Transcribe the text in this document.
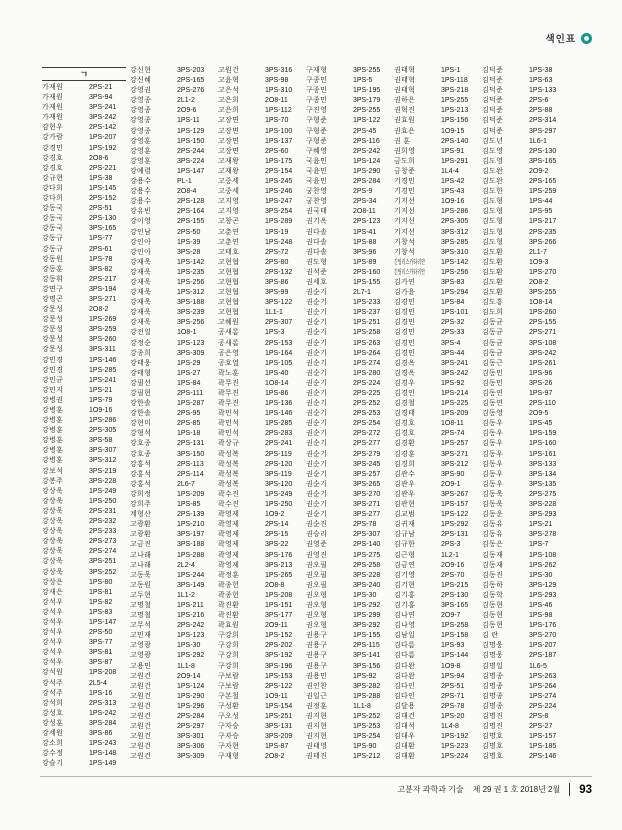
색인표
ㄱ
가재원	2PS-21
가재원	3PS-94
가재원	3PS-241
가재원	3PS-242
감현우	2PS-142
강가람	1PS-207
강경민	1PS-192
강경호	2O8-6
강경호	2PS-221
강규현	1PS-38
강다희	1PS-145
강다희	2PS-152
강동국	2PS-51
강동국	2PS-130
강동국	3PS-165
강동규	1PS-77
강동규	2PS-61
강동원	1PS-78
강동훈	3PS-82
강동휘	2PS-217
강면구	3PS-194
강명곤	3PS-271
강문성	2O8-2
강문성	1PS-269
강문성	3PS-259
강문성	3PS-260
강문성	3PS-311
강민경	1PS-146
강민경	1PS-285
강민균	1PS-241
강민지	1PS-21
강병권	1PS-79
강병훈	1O9-16
강병훈	1PS-286
강병훈	2PS-305
강병훈	3PS-58
강병훈	3PS-307
강병훈	3PS-312
강보석	3PS-219
강봉주	3PS-228
강상욱	1PS-249
강상욱	1PS-250
강상욱	2PS-231
강상욱	2PS-232
강상욱	2PS-233
강상욱	2PS-273
강상욱	2PS-274
강상욱	3PS-251
강상욱	3PS-252
강상은	1PS-80
강새은	1PS-81
강석우	1PS-82
강석우	1PS-83
강석우	1PS-147
강석우	2PS-50
강석우	3PS-77
강석우	3PS-81
강석우	3PS-87
강석원	1PS-208
강석주	2L5-4
강석주	1PS-16
강석희	2PS-313
강성호	1PS-242
강성훈	3PS-284
강세원	3PS-86
강소희	1PS-243
강수정	1PS-148
강슬기	1PS-149
강신현	3PS-203
강신혜	2PS-165
강영권	2PS-276
강영종	2L1-2
강영종	2O9-6
강영종	1PS-11
강영종	1PS-129
강영훈	1PS-150
강영훈	2PS-244
강영훈	3PS-224
강예령	1PS-147
강용수	PL-1
강용수	2O8-4
강용수	2PS-128
강유빈	2PS-164
강이영	2PS-155
강인남	2PS-50
강인아	1PS-39
강인아	3PS-28
강재욱	1PS-142
강재욱	1PS-235
강재욱	1PS-256
강재욱	1PS-312
강재욱	3PS-188
강재욱	3PS-239
강재욱	3PS-256
강전일	1O8-1
강정순	1PS-123
강종희	3PS-309
강태웅	1PS-29
강태형	1PS-27
강필선	1PS-84
강필현	2PS-111
강한솔	1PS-287
강한솔	2PS-95
강현미	2PS-85
강형석	1PS-18
강호종	2PS-131
강호종	3PS-150
강홍석	2PS-113
강홍석	2PS-114
강홍석	2L6-7
강희정	1PS-209
강희주	1PS-85
계형산	2PS-139
고광환	1PS-210
고광환	3PS-197
고금진	3PS-188
고나래	1PS-288
고나래	2L2-4
고동욱	1PS-244
고동원	3PS-149
고두현	1L1-2
고명철	1PS-211
고명철	1PS-216
고무석	2PS-242
고민재	1PS-123
고영광	1PS-30
고영광	1PS-292
고용민	1L1-8
고원건	2O9-14
고원건	1PS-124
고원건	1PS-290
고원건	1PS-296
고원건	2PS-284
고원건	2PS-297
고원건	3PS-301
고원건	3PS-306
고원건	3PS-309
고원건	3PS-316
고윤혁	3PS-98
고은석	1PS-310
고은희	2O8-11
고은희	1PS-112
고장면	1PS-70
고장면	1PS-100
고장면	1PS-137
고장면	2PS-60
고재왕	1PS-175
고재왕	2PS-154
고중세	1PS-245
고중세	1PS-246
고지영	1PS-247
고지영	3PS-254
고창곤	1PS-289
고춘연	1PS-19
고춘연	1PS-248
고태호	2PS-72
고현협	2PS-80
고현협	2PS-132
고현협	3PS-86
고현협	3PS-99
고현협	3PS-122
고현협	1L1-1
고혜원	2PS-307
공새롬	1PS-3
공새롬	2PS-153
공은영	1PS-164
공호열	1PS-105
곽노훈	1PS-40
곽무진	1O8-14
곽무진	1PS-86
곽무진	1PS-136
곽민석	1PS-146
곽민석	1PS-285
곽민석	2PS-283
곽상규	2PS-241
곽성복	2PS-119
곽성복	2PS-120
곽성복	3PS-119
곽성복	3PS-120
곽수진	1PS-249
곽수진	1PS-250
곽영제	1O9-2
곽영제	2PS-14
곽영제	2PS-15
곽영제	3PS-22
곽영제	3PS-176
곽영제	3PS-213
곽정훈	1PS-265
곽종헌	2O8-8
곽종헌	1PS-208
곽진환	1PS-151
곽진환	3PS-177
곽효원	2O9-11
구강희	1PS-152
구강희	2PS-202
구강희	3PS-192
구강희	3PS-196
구보람	1PS-153
구보람	2PS-122
구본철	1O9-11
구성환	1PS-154
구오성	1PS-251
구자승	3PS-131
구자승	3PS-209
구자현	1PS-87
구재형	2O8-2
구재형	3PS-255
구종민	1PS-5
구종민	1PS-195
구종민	3PS-179
구진영	2PS-255
구형준	1PS-122
구형준	2PS-45
구형준	2PS-116
구혜영	2PS-242
국윤민	1PS-124
국윤민	1PS-290
국윤민	2PS-284
궁찬영	2PS-9
궁찬영	2PS-34
권국태	2O8-11
권기옥	2PS-123
권다솔	1PS-41
권다솔	1PS-88
권다솔	3PS-96
권도형	1PS-89
권석준	2PS-160
권세호	1PS-155
권순기	2L7-1
권순기	1PS-233
권순기	1PS-237
권순기	1PS-251
권순기	1PS-258
권순기	1PS-263
권순기	1PS-264
권순기	1PS-274
권순기	1PS-280
권순기	2PS-224
권순기	2PS-225
권순기	2PS-252
권순기	2PS-253
권순기	2PS-254
권순기	2PS-272
권순기	2PS-277
권순기	2PS-279
권순기	3PS-245
권순기	3PS-257
권순기	3PS-265
권순기	3PS-270
권순기	3PS-271
권순기	3PS-277
권순진	2PS-78
권승리	2PS-307
권영준	2PS-140
권영진	1PS-275
권오필	2PS-258
권오필	3PS-228
권오필	3PS-240
권오형	1PS-30
권오형	1PS-292
권오형	1PS-299
권오형	3PS-292
권용구	1PS-155
권용구	2PS-115
권용구	3PS-141
권용구	3PS-156
권용민	1PS-92
권인찬	3PS-282
권일근	1PS-288
권정훈	1L1-8
권지현	1PS-252
권지현	1PS-253
권지현	1PS-254
권태영	1PS-90
권태진	1PS-212
권태혁	1PS-1
권태혁	1PS-118
권태혁	3PS-218
권하은	1PS-255
권혁진	1PS-213
권효원	1PS-156
권효은	1O9-15
권 훈	2PS-140
권희영	1PS-91
금도희	1PS-291
금창준	1L4-4
기경민	1PS-42
기경민	1PS-43
기지선	1O9-16
기지선	1PS-286
기지선	2PS-305
기지선	3PS-312
기창석	3PS-285
기창석	3PS-310
긴팅리스카타리안 1PS-142
긴팅리스카타리안 1PS-256
김가연	3PS-83
김가윤	1PS-294
김경민	1PS-84
김경민	1PS-101
김경민	2PS-32
김경민	2PS-33
김경민	3PS-4
김경민	3PS-44
김경옥	3PS-241
김경옥	3PS-242
김경우	1PS-92
김경인	1PS-214
김경철	1PS-225
김경태	1PS-209
김경호	1O8-11
김경호	2PS-74
김경환	1PS-257
김경훈	3PS-271
김경희	3PS-212
김관수	3PS-90
김관우	2O9-1
김관우	3PS-267
김관현	1PS-157
김교범	1PS-122
김귀재	1PS-292
김규남	2PS-131
김규한	2PS-3
김근형	1L2-1
김금연	2O9-16
김기영	2PS-70
김기현	1PS-215
김기홍	2PS-130
김기홍	3PS-165
김나연	2O9-7
김나영	1PS-258
김남일	1PS-158
김다름	1PS-93
김다름	1PS-144
김다완	1O9-8
김다완	1PS-94
김다인	2PS-51
김다인	2PS-71
김달용	2PS-78
김대건	1PS-20
김대석	1L4-8
김대우	1PS-192
김대환	1PS-223
김대환	1PS-224
김덕준	1PS-38
김덕준	1PS-63
김덕준	1PS-133
김덕준	2PS-6
김덕준	2PS-88
김덕준	2PS-314
김덕준	3PS-297
김도년	1L6-1
김도영	2PS-130
김도영	3PS-165
김도완	2O9-2
김도완	2PS-165
김도한	1PS-259
김도형	1PS-44
김도형	1PS-95
김도형	1PS-217
김도형	2PS-235
김도형	3PS-266
김도환	2L1-7
김도환	1O9-3
김도환	1PS-270
김도환	2O8-2
김도환	3PS-255
김도흥	1O8-14
김도희	1PS-260
김동균	2PS-155
김동균	2PS-271
김동균	3PS-108
김동균	3PS-242
김동근	1PS-261
김동민	1PS-96
김동민	3PS-26
김동연	1PS-97
김동연	2PS-110
김동영	2O9-5
김동우	1PS-45
김동우	1PS-159
김동우	1PS-160
김동우	1PS-161
김동우	3PS-133
김동우	3PS-134
김동우	3PS-135
김동욱	2PS-275
김동욱	3PS-228
김동운	3PS-293
김동유	1PS-21
김동유	3PS-278
김동은	1PS-7
김동재	1PS-108
김동재	1PS-262
김동진	1PS-30
김동하	3PS-129
김동학	1PS-293
김동현	1PS-46
김동현	1PS-98
김동현	1PS-176
김 란	3PS-270
김명웅	1PS-207
김명웅	2PS-187
김명일	1L6-5
김명종	1PS-263
김명종	1PS-264
김명종	1PS-274
김명종	2PS-224
김명진	2PS-8
김명진	2PS-27
김명호	1PS-157
김명호	1PS-185
김명호	2PS-146
고분자 과학과 기술 제 29 권 1 호 2018년 2월 93
